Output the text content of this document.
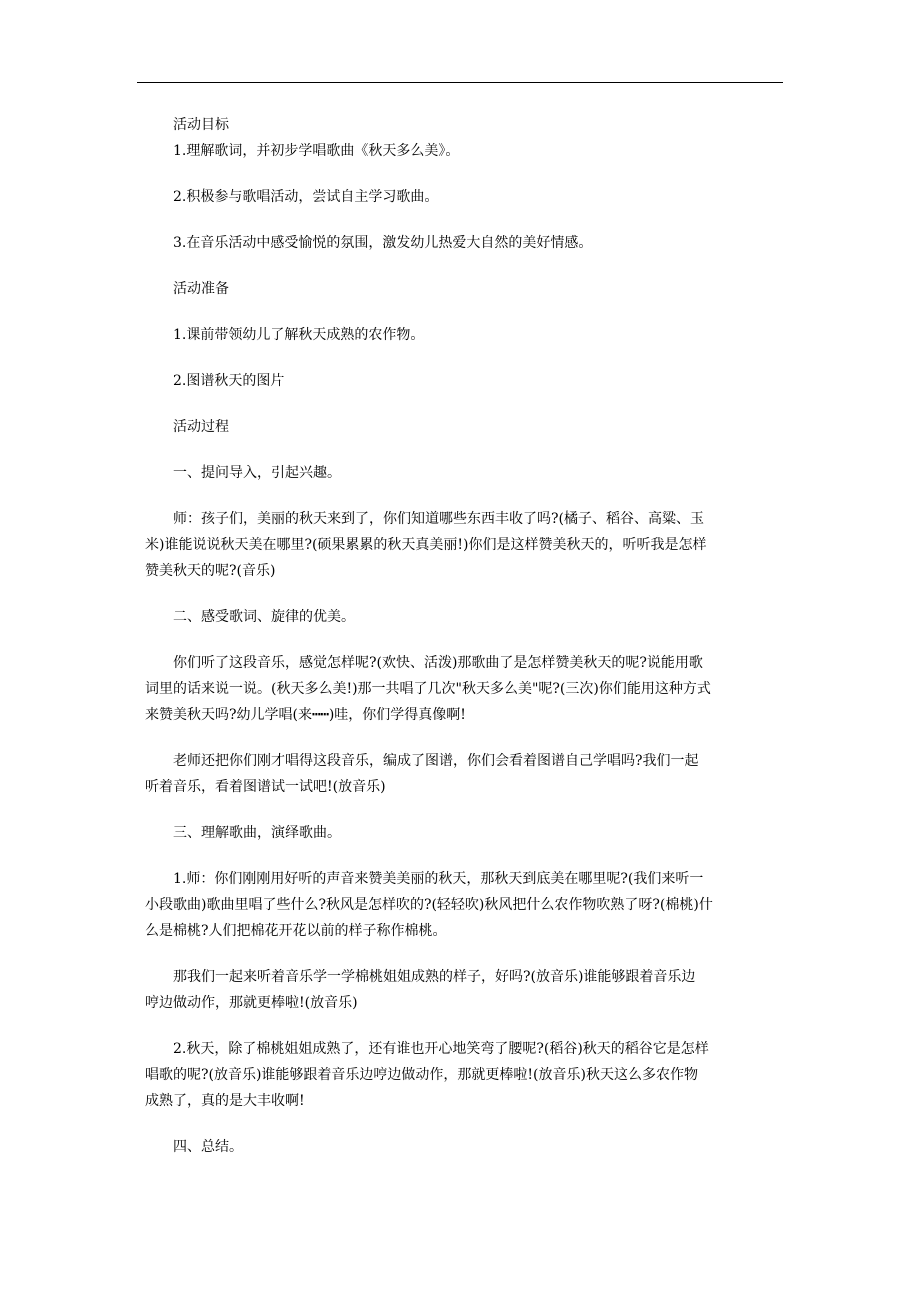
活动目标

1.理解歌词，并初步学唱歌曲《秋天多么美》。

2.积极参与歌唱活动，尝试自主学习歌曲。

3.在音乐活动中感受愉悦的氛围，激发幼儿热爱大自然的美好情感。

活动准备

1.课前带领幼儿了解秋天成熟的农作物。

2.图谱秋天的图片

活动过程

一、提问导入，引起兴趣。

师：孩子们，美丽的秋天来到了，你们知道哪些东西丰收了吗?(橘子、稻谷、高粱、玉

米)谁能说说秋天美在哪里?(硕果累累的秋天真美丽!)你们是这样赞美秋天的，听听我是怎样

赞美秋天的呢?(音乐)

二、感受歌词、旋律的优美。

你们听了这段音乐，感觉怎样呢?(欢快、活泼)那歌曲了是怎样赞美秋天的呢?说能用歌

词里的话来说一说。(秋天多么美!)那一共唱了几次"秋天多么美"呢?(三次)你们能用这种方式

来赞美秋天吗?幼儿学唱(来┅┅)哇，你们学得真像啊!

老师还把你们刚才唱得这段音乐，编成了图谱，你们会看着图谱自己学唱吗?我们一起

听着音乐，看着图谱试一试吧!(放音乐)

三、理解歌曲，演绎歌曲。

1.师：你们刚刚用好听的声音来赞美美丽的秋天，那秋天到底美在哪里呢?(我们来听一

小段歌曲)歌曲里唱了些什么?秋风是怎样吹的?(轻轻吹)秋风把什么农作物吹熟了呀?(棉桃)什

么是棉桃?人们把棉花开花以前的样子称作棉桃。

那我们一起来听着音乐学一学棉桃姐姐成熟的样子，好吗?(放音乐)谁能够跟着音乐边

哼边做动作，那就更棒啦!(放音乐)

2.秋天，除了棉桃姐姐成熟了，还有谁也开心地笑弯了腰呢?(稻谷)秋天的稻谷它是怎样

唱歌的呢?(放音乐)谁能够跟着音乐边哼边做动作，那就更棒啦!(放音乐)秋天这么多农作物

成熟了，真的是大丰收啊!

四、总结。
